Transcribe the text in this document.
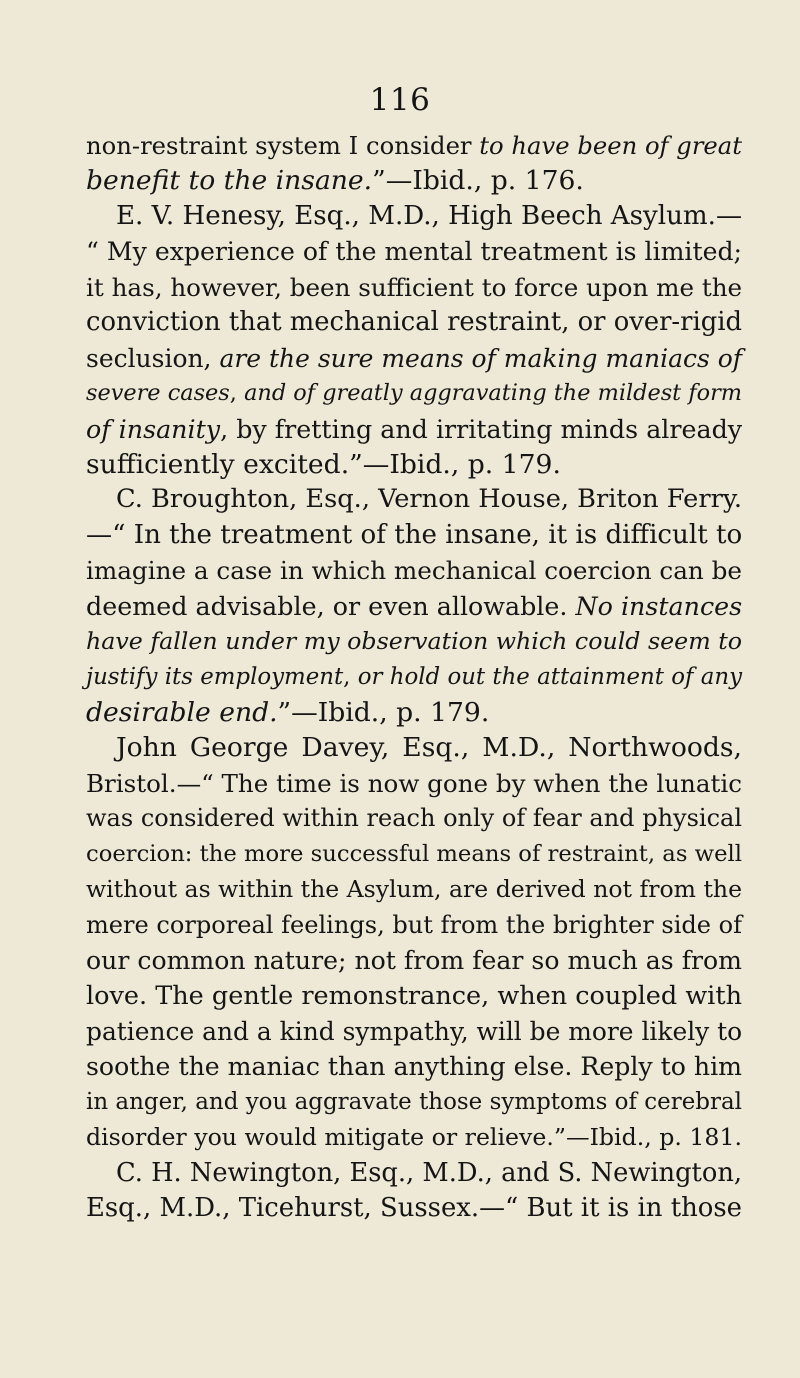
116
non-restraint system I consider to have been of great
benefit to the insane.”—Ibid., p. 176.
E. V. Henesy, Esq., M.D., High Beech Asylum.—
“ My experience of the mental treatment is limited;
it has, however, been sufficient to force upon me the
conviction that mechanical restraint, or over-rigid
seclusion, are the sure means of making maniacs of
severe cases, and of greatly aggravating the mildest form
of insanity, by fretting and irritating minds already
sufficiently excited.”—Ibid., p. 179.
C. Broughton, Esq., Vernon House, Briton Ferry.
—“ In the treatment of the insane, it is difficult to
imagine a case in which mechanical coercion can be
deemed advisable, or even allowable. No instances
have fallen under my observation which could seem to
justify its employment, or hold out the attainment of any
desirable end.”—Ibid., p. 179.
John George Davey, Esq., M.D., Northwoods,
Bristol.—“ The time is now gone by when the lunatic
was considered within reach only of fear and physical
coercion: the more successful means of restraint, as well
without as within the Asylum, are derived not from the
mere corporeal feelings, but from the brighter side of
our common nature; not from fear so much as from
love. The gentle remonstrance, when coupled with
patience and a kind sympathy, will be more likely to
soothe the maniac than anything else. Reply to him
in anger, and you aggravate those symptoms of cerebral
disorder you would mitigate or relieve.”—Ibid., p. 181.
C. H. Newington, Esq., M.D., and S. Newington,
Esq., M.D., Ticehurst, Sussex.—“ But it is in those
